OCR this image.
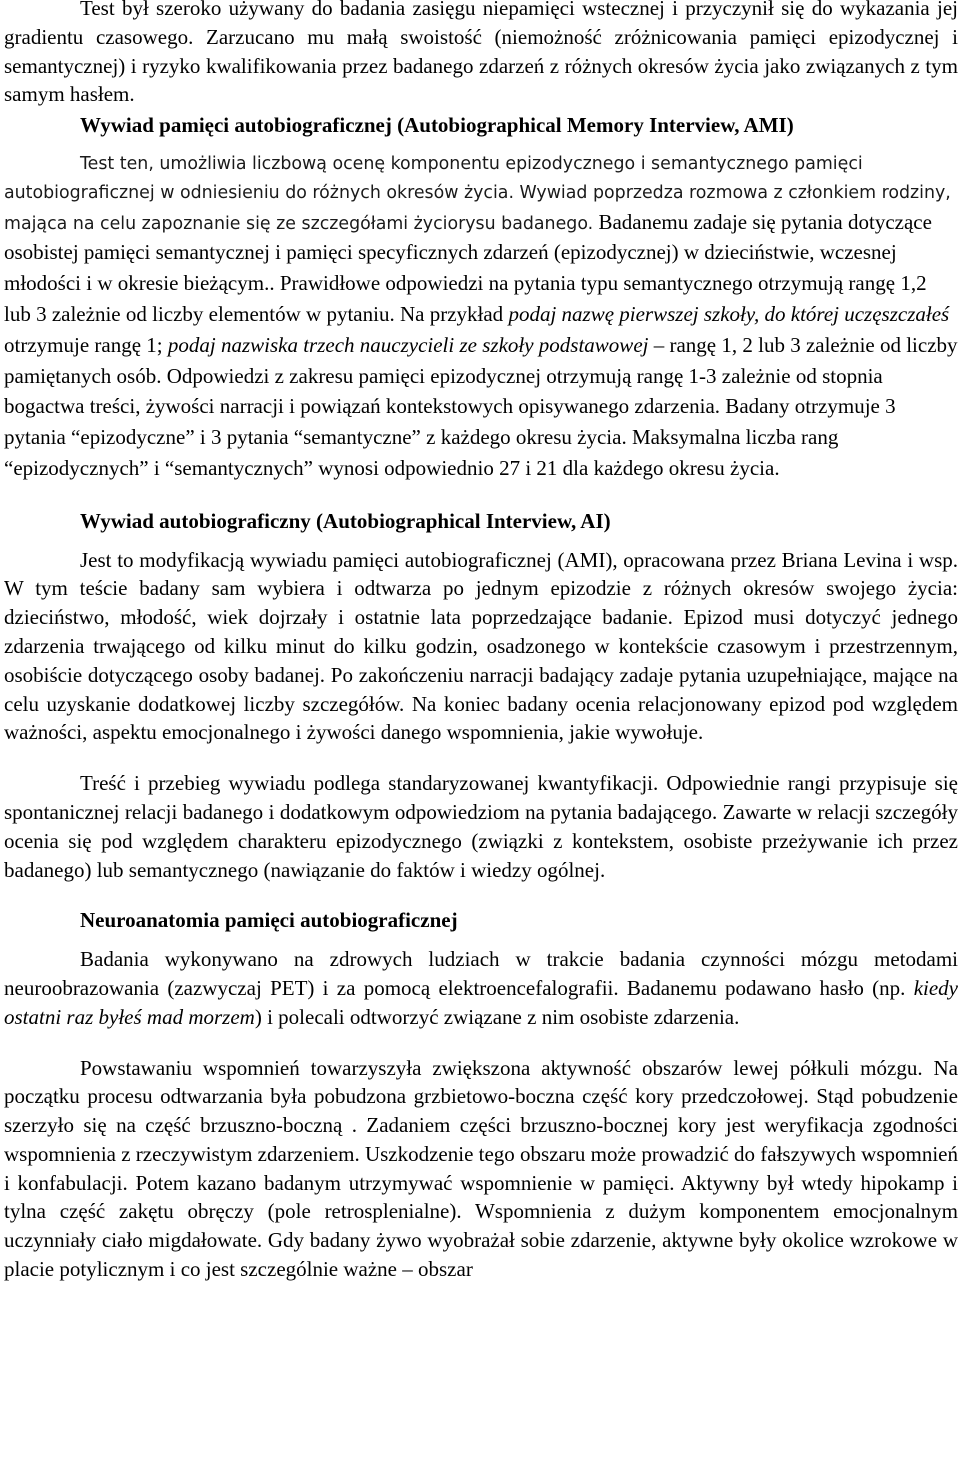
Test był szeroko używany do badania zasięgu niepamięci wstecznej i przyczynił się do wykazania jej gradientu czasowego. Zarzucano mu małą swoistość (niemożność zróżnicowania pamięci epizodycznej i semantycznej) i ryzyko kwalifikowania przez badanego zdarzeń z różnych okresów życia jako związanych z tym samym hasłem.

Wywiad pamięci autobiograficznej (Autobiographical Memory Interview, AMI)

Test ten, umożliwia liczbową ocenę komponentu epizodycznego i semantycznego pamięci autobiograficznej w odniesieniu do różnych okresów życia. Wywiad poprzedza rozmowa z członkiem rodziny, mająca na celu zapoznanie się ze szczegółami życiorysu badanego. Badanemu zadaje się pytania dotyczące osobistej pamięci semantycznej i pamięci specyficznych zdarzeń (epizodycznej) w dzieciństwie, wczesnej młodości i w okresie bieżącym.. Prawidłowe odpowiedzi na pytania typu semantycznego otrzymują rangę 1,2 lub 3 zależnie od liczby elementów w pytaniu. Na przykład podaj nazwę pierwszej szkoły, do której uczęszczałeś otrzymuje rangę 1; podaj nazwiska trzech nauczycieli ze szkoły podstawowej – rangę 1, 2 lub 3 zależnie od liczby pamiętanych osób. Odpowiedzi z zakresu pamięci epizodycznej otrzymują rangę 1-3 zależnie od stopnia bogactwa treści, żywości narracji i powiązań kontekstowych opisywanego zdarzenia. Badany otrzymuje 3 pytania “epizodyczne” i 3 pytania “semantyczne” z każdego okresu życia. Maksymalna liczba rang “epizodycznych” i “semantycznych” wynosi odpowiednio 27 i 21 dla każdego okresu życia.

Wywiad autobiograficzny (Autobiographical Interview, AI)

Jest to modyfikacją wywiadu pamięci autobiograficznej (AMI), opracowana przez Briana Levina i wsp. W tym teście badany sam wybiera i odtwarza po jednym epizodzie z różnych okresów swojego życia: dzieciństwo, młodość, wiek dojrzały i ostatnie lata poprzedzające badanie. Epizod musi dotyczyć jednego zdarzenia trwającego od kilku minut do kilku godzin, osadzonego w kontekście czasowym i przestrzennym, osobiście dotyczącego osoby badanej. Po zakończeniu narracji badający zadaje pytania uzupełniające, mające na celu uzyskanie dodatkowej liczby szczegółów. Na koniec badany ocenia relacjonowany epizod pod względem ważności, aspektu emocjonalnego i żywości danego wspomnienia, jakie wywołuje.

Treść i przebieg wywiadu podlega standaryzowanej kwantyfikacji. Odpowiednie rangi przypisuje się spontanicznej relacji badanego i dodatkowym odpowiedziom na pytania badającego. Zawarte w relacji szczegóły ocenia się pod względem charakteru epizodycznego (związki z kontekstem, osobiste przeżywanie ich przez badanego) lub semantycznego (nawiązanie do faktów i wiedzy ogólnej.

Neuroanatomia pamięci autobiograficznej

Badania wykonywano na zdrowych ludziach w trakcie badania czynności mózgu metodami neuroobrazowania (zazwyczaj PET) i za pomocą elektroencefalografii. Badanemu podawano hasło (np. kiedy ostatni raz byłeś mad morzem) i polecali odtworzyć związane z nim osobiste zdarzenia.

Powstawaniu wspomnień towarzyszyła zwiększona aktywność obszarów lewej półkuli mózgu. Na początku procesu odtwarzania była pobudzona grzbietowo-boczna część kory przedczołowej. Stąd pobudzenie szerzyło się na część brzuszno-boczną . Zadaniem części brzuszno-bocznej kory jest weryfikacja zgodności wspomnienia z rzeczywistym zdarzeniem. Uszkodzenie tego obszaru może prowadzić do fałszywych wspomnień i konfabulacji. Potem kazano badanym utrzymywać wspomnienie w pamięci. Aktywny był wtedy hipokamp i tylna część zakętu obręczy (pole retrosplenialne). Wspomnienia z dużym komponentem emocjonalnym uczynniały ciało migdałowate. Gdy badany żywo wyobrażał sobie zdarzenie, aktywne były okolice wzrokowe w placie potylicznym i co jest szczególnie ważne – obszar
